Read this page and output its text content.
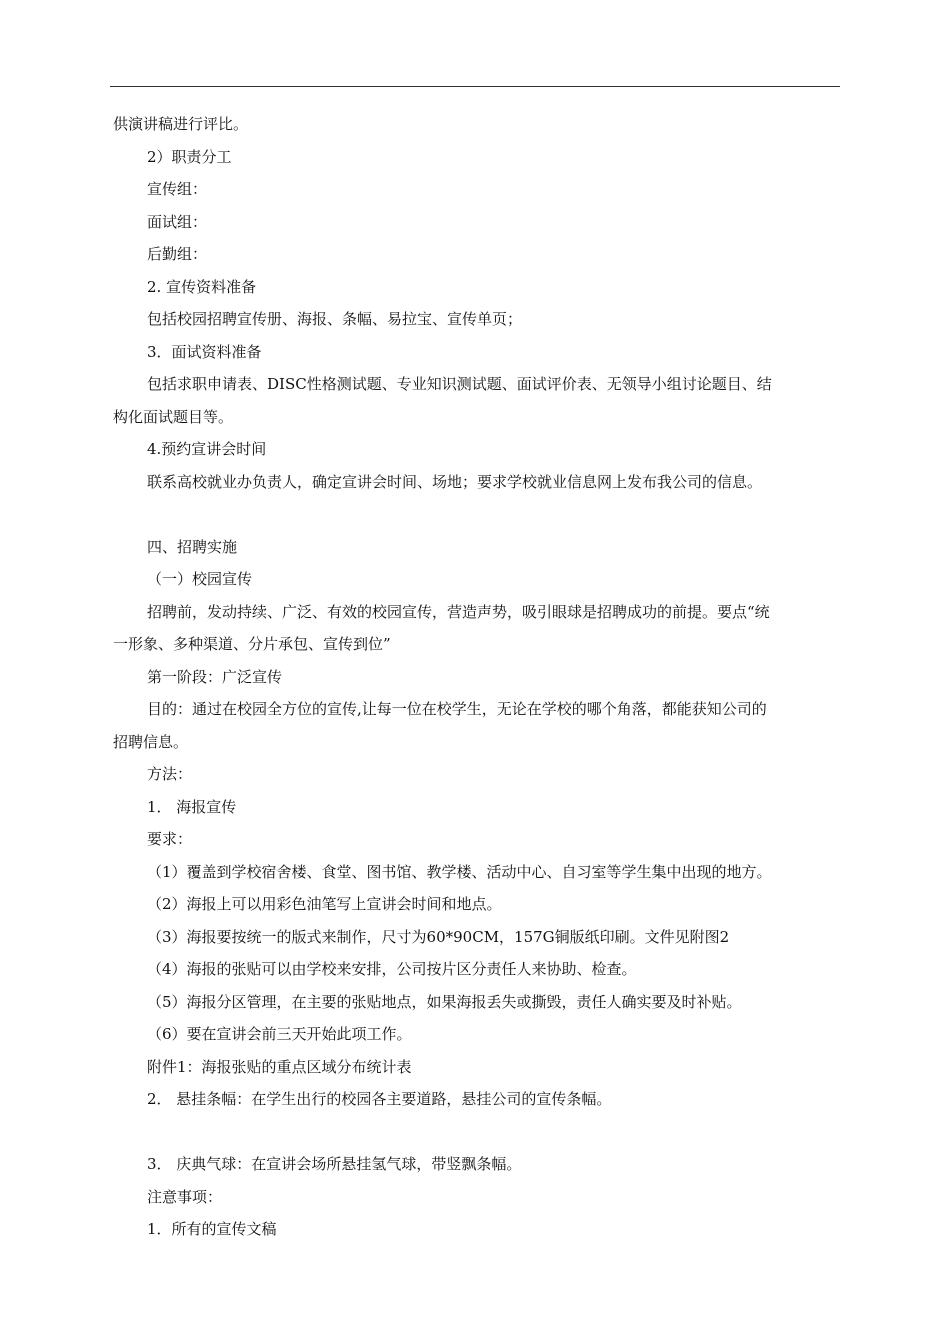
供演讲稿进行评比。
2）职责分工
宣传组：
面试组：
后勤组：
2. 宣传资料准备
包括校园招聘宣传册、海报、条幅、易拉宝、宣传单页；
3．面试资料准备
包括求职申请表、DISC性格测试题、专业知识测试题、面试评价表、无领导小组讨论题目、结
构化面试题目等。
4.预约宣讲会时间
联系高校就业办负责人，确定宣讲会时间、场地；要求学校就业信息网上发布我公司的信息。
四、招聘实施
（一）校园宣传
招聘前，发动持续、广泛、有效的校园宣传，营造声势，吸引眼球是招聘成功的前提。要点“统
一形象、多种渠道、分片承包、宣传到位”
第一阶段：广泛宣传
目的：通过在校园全方位的宣传,让每一位在校学生，无论在学校的哪个角落，都能获知公司的
招聘信息。
方法：
1． 海报宣传
要求：
（1）覆盖到学校宿舍楼、食堂、图书馆、教学楼、活动中心、自习室等学生集中出现的地方。
（2）海报上可以用彩色油笔写上宣讲会时间和地点。
（3）海报要按统一的版式来制作，尺寸为60*90CM，157G铜版纸印刷。文件见附图2
（4）海报的张贴可以由学校来安排，公司按片区分责任人来协助、检查。
（5）海报分区管理，在主要的张贴地点，如果海报丢失或撕毁，责任人确实要及时补贴。
（6）要在宣讲会前三天开始此项工作。
附件1：海报张贴的重点区域分布统计表
2． 悬挂条幅：在学生出行的校园各主要道路，悬挂公司的宣传条幅。
3． 庆典气球：在宣讲会场所悬挂氢气球，带竖飘条幅。
注意事项：
1．所有的宣传文稿
